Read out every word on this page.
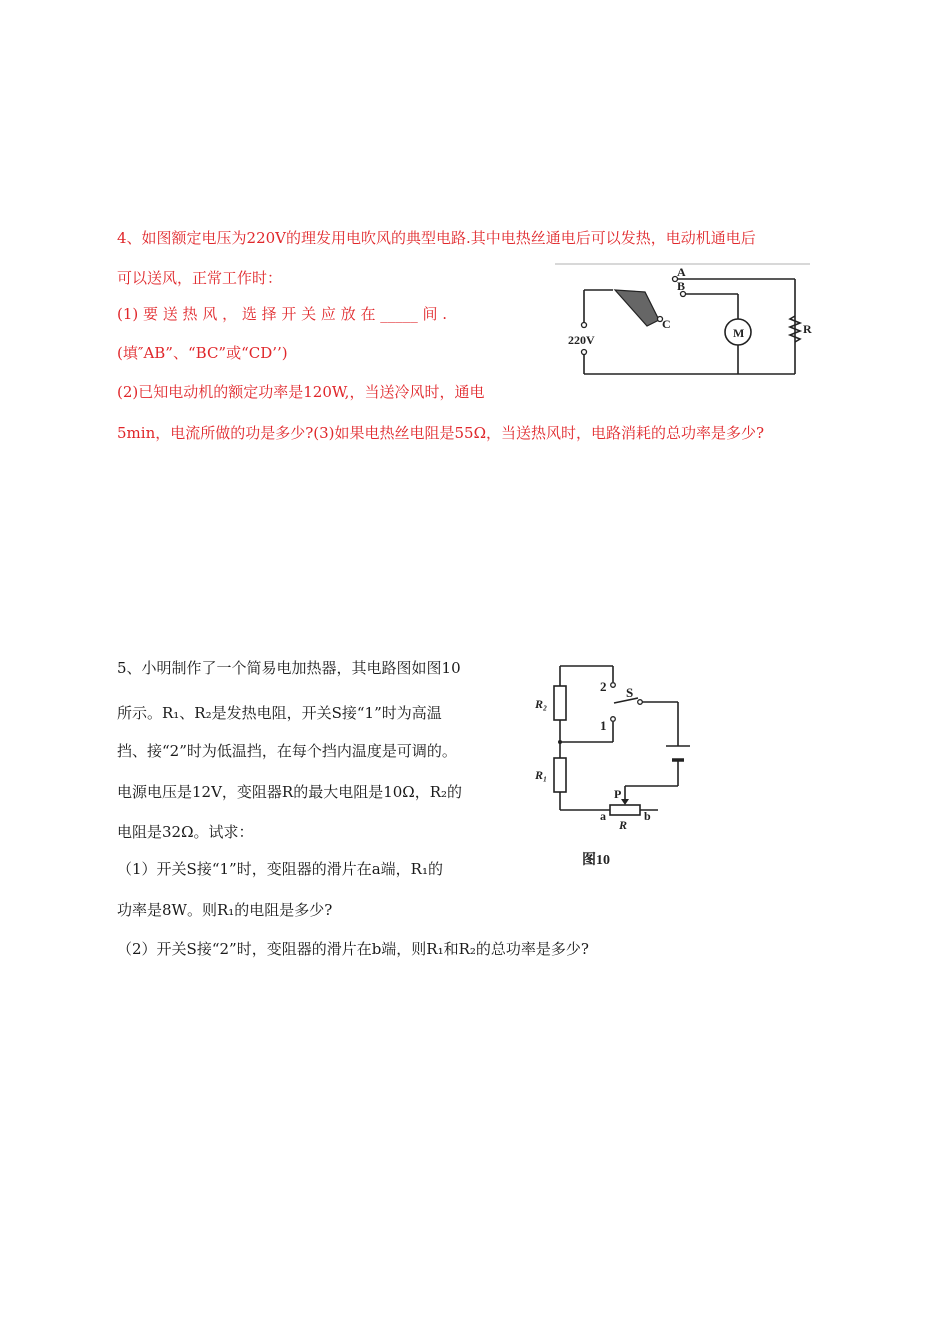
4、如图额定电压为220V的理发用电吹风的典型电路.其中电热丝通电后可以发热，电动机通电后
可以送风，正常工作时：
(1) 要 送 热 风 ， 选 择 开 关 应 放 在 _____ 间 .
(填″AB”、“BC”或“CD’’)
(2)已知电动机的额定功率是120W,，当送冷风时，通电
5min，电流所做的功是多少?(3)如果电热丝电阻是55Ω，当送热风时，电路消耗的总功率是多少?
A
B
C
220V	M	R
5、小明制作了一个简易电加热器，其电路图如图10
所示。R₁、R₂是发热电阻，开关S接“1”时为高温
挡、接“2”时为低温挡，在每个挡内温度是可调的。
电源电压是12V，变阻器R的最大电阻是10Ω，R₂的
电阻是32Ω。试求：
（1）开关S接“1”时，变阻器的滑片在a端，R₁的
功率是8W。则R₁的电阻是多少?
（2）开关S接“2”时，变阻器的滑片在b端，则R₁和R₂的总功率是多少?
R₂
R₁
2
1
S
P
a	b
R
图10
